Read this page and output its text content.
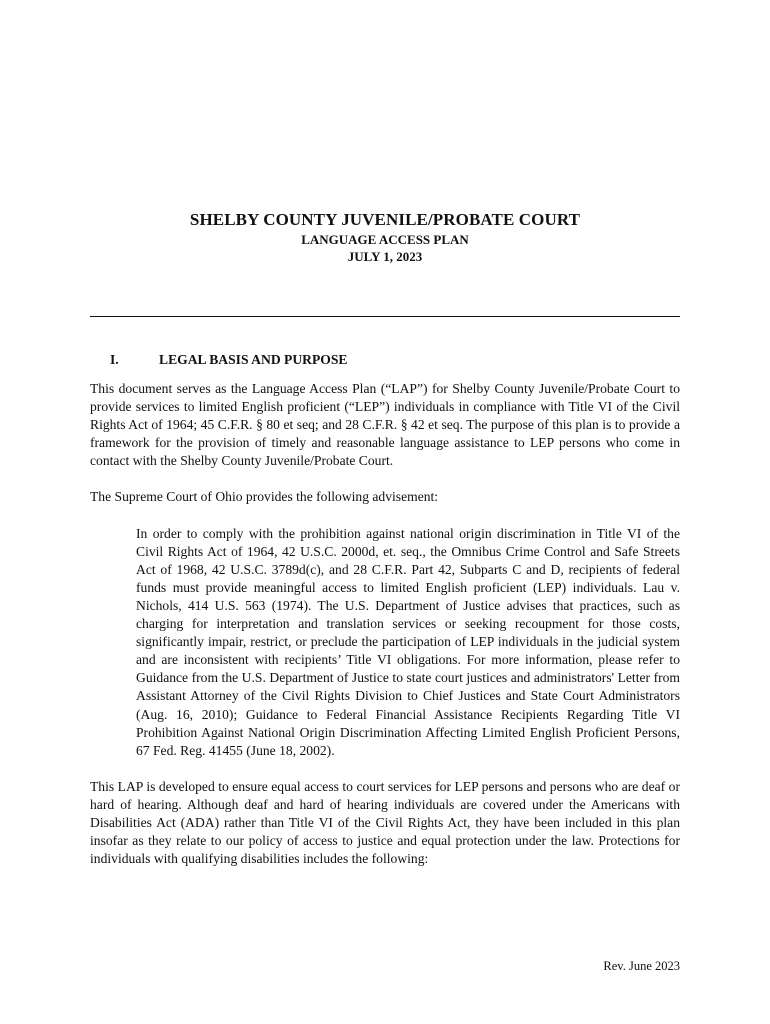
SHELBY COUNTY JUVENILE/PROBATE COURT
LANGUAGE ACCESS PLAN
JULY 1, 2023
I.	LEGAL BASIS AND PURPOSE

This document serves as the Language Access Plan (“LAP”) for Shelby County Juvenile/Probate Court to provide services to limited English proficient (“LEP”) individuals in compliance with Title VI of the Civil Rights Act of 1964; 45 C.F.R. § 80 et seq; and 28 C.F.R. § 42 et seq. The purpose of this plan is to provide a framework for the provision of timely and reasonable language assistance to LEP persons who come in contact with the Shelby County Juvenile/Probate Court.

The Supreme Court of Ohio provides the following advisement:

In order to comply with the prohibition against national origin discrimination in Title VI of the Civil Rights Act of 1964, 42 U.S.C. 2000d, et. seq., the Omnibus Crime Control and Safe Streets Act of 1968, 42 U.S.C. 3789d(c), and 28 C.F.R. Part 42, Subparts C and D, recipients of federal funds must provide meaningful access to limited English proficient (LEP) individuals. Lau v. Nichols, 414 U.S. 563 (1974). The U.S. Department of Justice advises that practices, such as charging for interpretation and translation services or seeking recoupment for those costs, significantly impair, restrict, or preclude the participation of LEP individuals in the judicial system and are inconsistent with recipients’ Title VI obligations. For more information, please refer to Guidance from the U.S. Department of Justice to state court justices and administrators' Letter from Assistant Attorney of the Civil Rights Division to Chief Justices and State Court Administrators (Aug. 16, 2010); Guidance to Federal Financial Assistance Recipients Regarding Title VI Prohibition Against National Origin Discrimination Affecting Limited English Proficient Persons, 67 Fed. Reg. 41455 (June 18, 2002).

This LAP is developed to ensure equal access to court services for LEP persons and persons who are deaf or hard of hearing. Although deaf and hard of hearing individuals are covered under the Americans with Disabilities Act (ADA) rather than Title VI of the Civil Rights Act, they have been included in this plan insofar as they relate to our policy of access to justice and equal protection under the law. Protections for individuals with qualifying disabilities includes the following:

Rev. June 2023
